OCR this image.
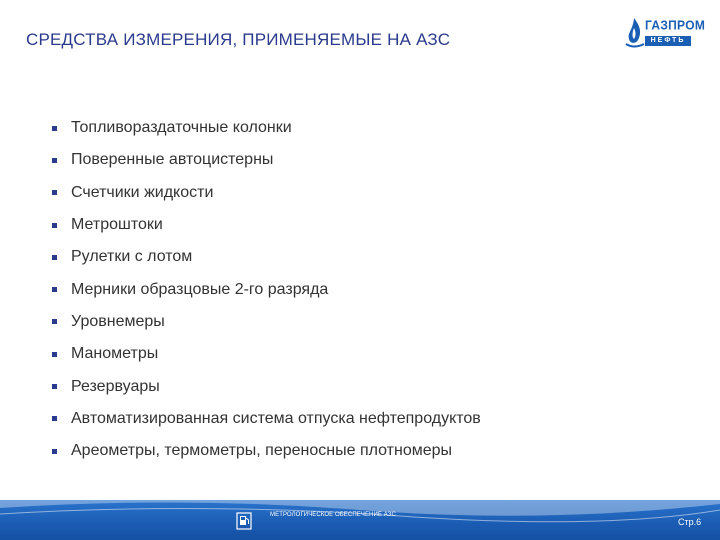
СРЕДСТВА ИЗМЕРЕНИЯ, ПРИМЕНЯЕМЫЕ НА АЗС
ГАЗПРОМ
НЕФТЬ
Топливораздаточные колонки
Поверенные автоцистерны
Счетчики жидкости
Метроштоки
Рулетки с лотом
Мерники образцовые 2-го разряда
Уровнемеры
Манометры
Резервуары
Автоматизированная система отпуска нефтепродуктов
Ареометры, термометры, переносные плотномеры
МЕТРОЛОГИЧЕСКОЕ ОБЕСПЕЧЕНИЕ АЗС
Стр.6
